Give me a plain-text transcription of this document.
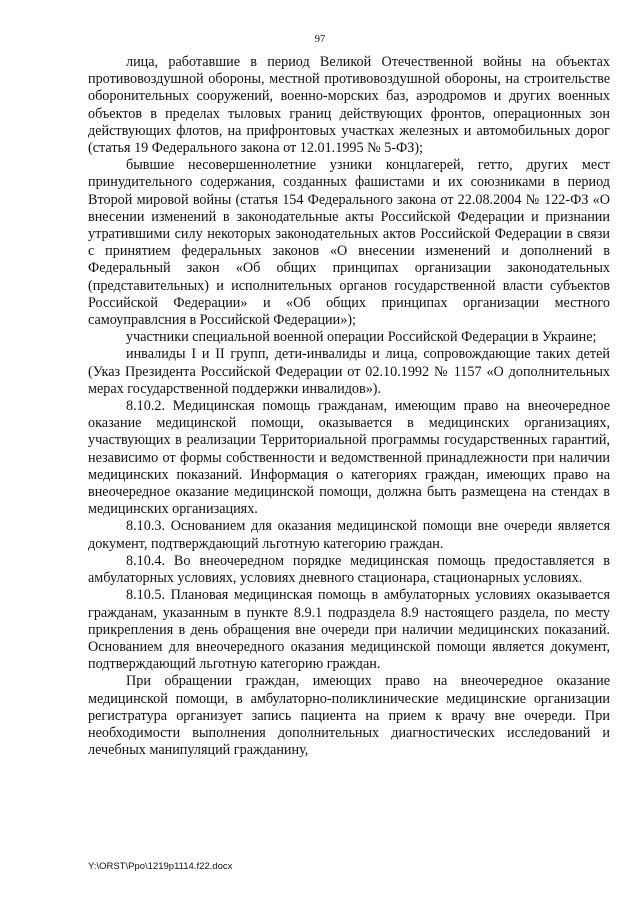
97

лица, работавшие в период Великой Отечественной войны на объектах противовоздушной обороны, местной противовоздушной обороны, на строительстве оборонительных сооружений, военно-морских баз, аэродромов и других военных объектов в пределах тыловых границ действующих фронтов, операционных зон действующих флотов, на прифронтовых участках железных и автомобильных дорог (статья 19 Федерального закона от 12.01.1995 № 5-ФЗ);

бывшие несовершеннолетние узники концлагерей, гетто, других мест принудительного содержания, созданных фашистами и их союзниками в период Второй мировой войны (статья 154 Федерального закона от 22.08.2004 № 122-ФЗ «О внесении изменений в законодательные акты Российской Федерации и признании утратившими силу некоторых законодательных актов Российской Федерации в связи с принятием федеральных законов «О внесении изменений и дополнений в Федеральный закон «Об общих принципах организации законодательных (представительных) и исполнительных органов государственной власти субъектов Российской Федерации» и «Об общих принципах организации местного самоуправлсния в Российской Федерации»);

участники специальной военной операции Российской Федерации в Украине;

инвалиды I и II групп, дети-инвалиды и лица, сопровождающие таких детей (Указ Президента Российской Федерации от 02.10.1992 № 1157 «О дополнительных мерах государственной поддержки инвалидов»).

8.10.2. Медицинская помощь гражданам, имеющим право на внеочередное оказание медицинской помощи, оказывается в медицинских организациях, участвующих в реализации Территориальной программы государственных гарантий, независимо от формы собственности и ведомственной принадлежности при наличии медицинских показаний. Информация о категориях граждан, имеющих право на внеочередное оказание медицинской помощи, должна быть размещена на стендах в медицинских организациях.

8.10.3. Основанием для оказания медицинской помощи вне очереди является документ, подтверждающий льготную категорию граждан.

8.10.4. Во внеочередном порядке медицинская помощь предоставляется в амбулаторных условиях, условиях дневного стационара, стационарных условиях.

8.10.5. Плановая медицинская помощь в амбулаторных условиях оказывается гражданам, указанным в пункте 8.9.1 подраздела 8.9 настоящего раздела, по месту прикрепления в день обращения вне очереди при наличии медицинских показаний. Основанием для внеочередного оказания медицинской помощи является документ, подтверждающий льготную категорию граждан.

При обращении граждан, имеющих право на внеочередное оказание медицинской помощи, в амбулаторно-поликлинические медицинские организации регистратура организует запись пациента на прием к врачу вне очереди. При необходимости выполнения дополнительных диагностических исследований и лечебных манипуляций гражданину,

Y:\ORST\Ppo\1219p1114.f22.docx
